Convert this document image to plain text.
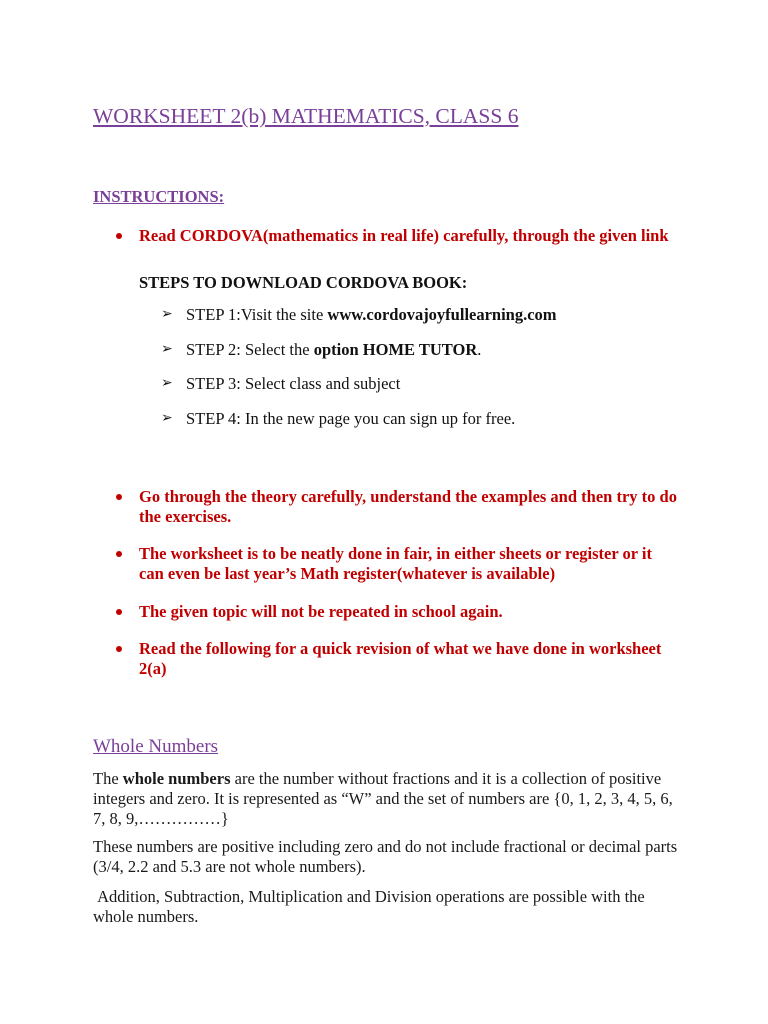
WORKSHEET 2(b) MATHEMATICS, CLASS 6
INSTRUCTIONS:
Read CORDOVA(mathematics in real life) carefully, through the given link
STEPS TO DOWNLOAD CORDOVA BOOK:
➢ STEP 1:Visit the site www.cordovajoyfullearning.com
➢ STEP 2: Select the option HOME TUTOR.
➢ STEP 3: Select class and subject
➢ STEP 4: In the new page you can sign up for free.
Go through the theory carefully, understand the examples and then try to do the exercises.
The worksheet is to be neatly done in fair, in either sheets or register or it can even be last year’s Math register(whatever is available)
The given topic will not be repeated in school again.
Read the following for a quick revision of what we have done in worksheet 2(a)
Whole Numbers

The whole numbers are the number without fractions and it is a collection of positive integers and zero. It is represented as “W” and the set of numbers are {0, 1, 2, 3, 4, 5, 6, 7, 8, 9,……………}

These numbers are positive including zero and do not include fractional or decimal parts (3/4, 2.2 and 5.3 are not whole numbers).

Addition, Subtraction, Multiplication and Division operations are possible with the whole numbers.
